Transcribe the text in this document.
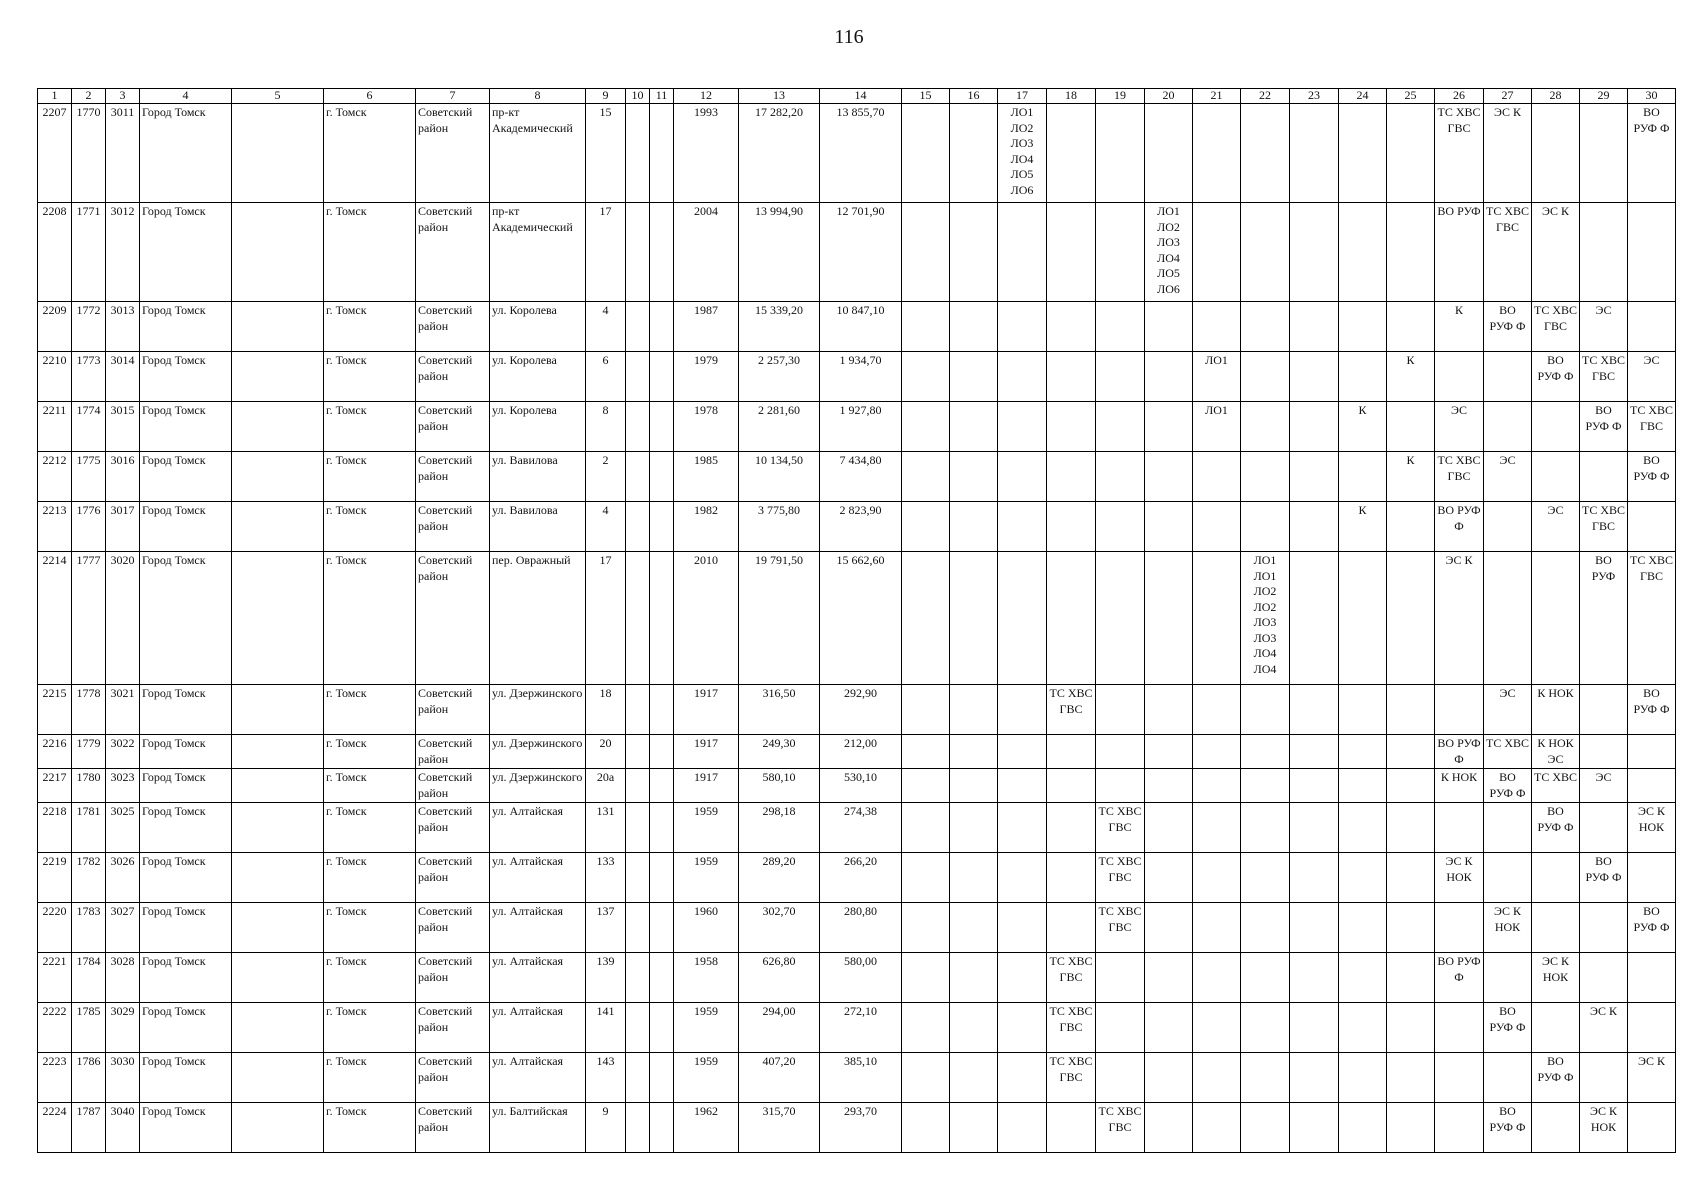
116
1	2	3	4	5	6	7	8	9	10	11	12	13	14	15	16	17	18	19	20	21	22	23	24	25	26	27	28	29	30
2207	1770	3011	Город Томск		г. Томск	Советский район	пр-кт Академический	15			1993	17 282,20	13 855,70			ЛО1 ЛО2 ЛО3 ЛО4 ЛО5 ЛО6									ТС ХВС ГВС	ЭС К			ВО РУФ Ф
2208	1771	3012	Город Томск		г. Томск	Советский район	пр-кт Академический	17			2004	13 994,90	12 701,90						ЛО1 ЛО2 ЛО3 ЛО4 ЛО5 ЛО6						ВО РУФ	ТС ХВС ГВС	ЭС К		
2209	1772	3013	Город Томск		г. Томск	Советский район	ул. Королева	4			1987	15 339,20	10 847,10												К	ВО РУФ Ф	ТС ХВС ГВС	ЭС	
2210	1773	3014	Город Томск		г. Томск	Советский район	ул. Королева	6			1979	2 257,30	1 934,70							ЛО1				К			ВО РУФ Ф	ТС ХВС ГВС	ЭС
2211	1774	3015	Город Томск		г. Томск	Советский район	ул. Королева	8			1978	2 281,60	1 927,80							ЛО1			К		ЭС			ВО РУФ Ф	ТС ХВС ГВС
2212	1775	3016	Город Томск		г. Томск	Советский район	ул. Вавилова	2			1985	10 134,50	7 434,80											К	ТС ХВС ГВС	ЭС			ВО РУФ Ф
2213	1776	3017	Город Томск		г. Томск	Советский район	ул. Вавилова	4			1982	3 775,80	2 823,90										К		ВО РУФ Ф		ЭС	ТС ХВС ГВС	
2214	1777	3020	Город Томск		г. Томск	Советский район	пер. Овражный	17			2010	19 791,50	15 662,60								ЛО1 ЛО1 ЛО2 ЛО2 ЛО3 ЛО3 ЛО4 ЛО4				ЭС К			ВО РУФ	ТС ХВС ГВС
2215	1778	3021	Город Томск		г. Томск	Советский район	ул. Дзержинского	18			1917	316,50	292,90				ТС ХВС ГВС									ЭС	К НОК		ВО РУФ Ф
2216	1779	3022	Город Томск		г. Томск	Советский район	ул. Дзержинского	20			1917	249,30	212,00												ВО РУФ Ф	ТС ХВС	К НОК ЭС		
2217	1780	3023	Город Томск		г. Томск	Советский район	ул. Дзержинского	20а			1917	580,10	530,10												К НОК	ВО РУФ Ф	ТС ХВС	ЭС	
2218	1781	3025	Город Томск		г. Томск	Советский район	ул. Алтайская	131			1959	298,18	274,38					ТС ХВС ГВС									ВО РУФ Ф		ЭС К НОК
2219	1782	3026	Город Томск		г. Томск	Советский район	ул. Алтайская	133			1959	289,20	266,20					ТС ХВС ГВС							ЭС К НОК			ВО РУФ Ф	
2220	1783	3027	Город Томск		г. Томск	Советский район	ул. Алтайская	137			1960	302,70	280,80					ТС ХВС ГВС								ЭС К НОК			ВО РУФ Ф
2221	1784	3028	Город Томск		г. Томск	Советский район	ул. Алтайская	139			1958	626,80	580,00				ТС ХВС ГВС								ВО РУФ Ф		ЭС К НОК		
2222	1785	3029	Город Томск		г. Томск	Советский район	ул. Алтайская	141			1959	294,00	272,10				ТС ХВС ГВС									ВО РУФ Ф		ЭС К	
2223	1786	3030	Город Томск		г. Томск	Советский район	ул. Алтайская	143			1959	407,20	385,10				ТС ХВС ГВС										ВО РУФ Ф		ЭС К
2224	1787	3040	Город Томск		г. Томск	Советский район	ул. Балтийская	9			1962	315,70	293,70					ТС ХВС ГВС								ВО РУФ Ф		ЭС К НОК	
